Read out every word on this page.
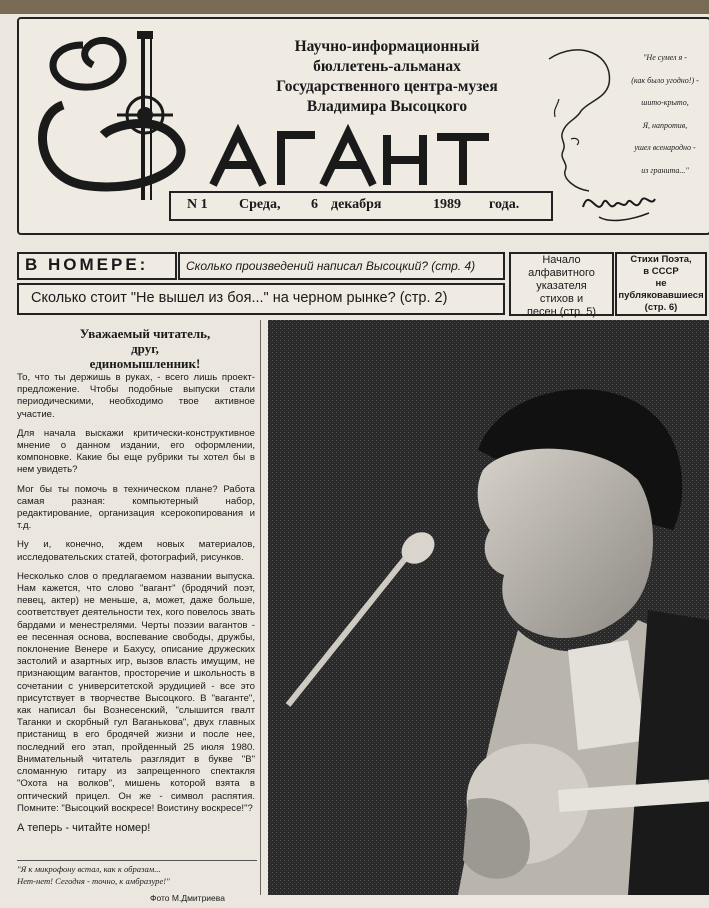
Ваганm
Научно-информационный
бюллетень-альманах
Государственного центра-музея
Владимира Высоцкого
"Не сумел я -
(как было угодно!) -
шито-крыто,
Я, напротив,
ушел всенародно -
из гранита..."
N 1 Среда, 6 декабря	1989 года.
В НОМЕРЕ:	Сколько произведений написал Высоцкий? (стр. 4)
Сколько стоит "Не вышел из боя..." на черном рынке? (стр. 2)
Начало
алфавитного
указателя
стихов и
песен (стр. 5)
Стихи Поэта,
в СССР
не
публяковавшиеся
(стр. 6)
Уважаемый читатель,
друг,
единомышленник!

То, что ты держишь в руках, - всего лишь проект-предложение. Чтобы подобные выпуски стали периодическими, необходимо твое активное участие.

Для начала выскажи критически-конструктивное мнение о данном издании, его оформлении, компоновке. Какие бы еще рубрики ты хотел бы в нем увидеть?

Мог бы ты помочь в техническом плане? Работа самая разная: компьютерный набор, редактирование, организация ксерокопирования и т.д.

Ну и, конечно, ждем новых материалов, исследовательских статей, фотографий, рисунков.

Несколько слов о предлагаемом названии выпуска. Нам кажется, что слово "вагант" (бродячий поэт, певец, актер) не меньше, а, может, даже больше, соответствует деятельности тех, кого повелось звать бардами и менестрелями. Черты поэзии вагантов - ее песенная основа, воспевание свободы, дружбы, поклонение Венере и Бахусу, описание дружеских застолий и азартных игр, вызов власть имущим, не признающим вагантов, просторечие и школьность в сочетании с университетской эрудицией - все это присутствует в творчестве Высоцкого. В "ваганте", как написал бы Вознесенский, "слышится гвалт Таганки и скорбный гул Ваганькова", двух главных пристанищ в его бродячей жизни и после нее, последний его этап, пройденный 25 июля 1980. Внимательный читатель разглядит в букве "В" сломанную гитару из запрещенного спектакля "Охота на волков", мишень которой взята в оптический прицел. Он же - символ распятия. Помните: "Высоцкий воскресе! Воистину воскресе!"?

А теперь - читайте номер!

"Я к микрофону встал, как к образам...
Нет-нет! Сегодня - точно, к амбразуре!"
Фото М.Дмитриева
